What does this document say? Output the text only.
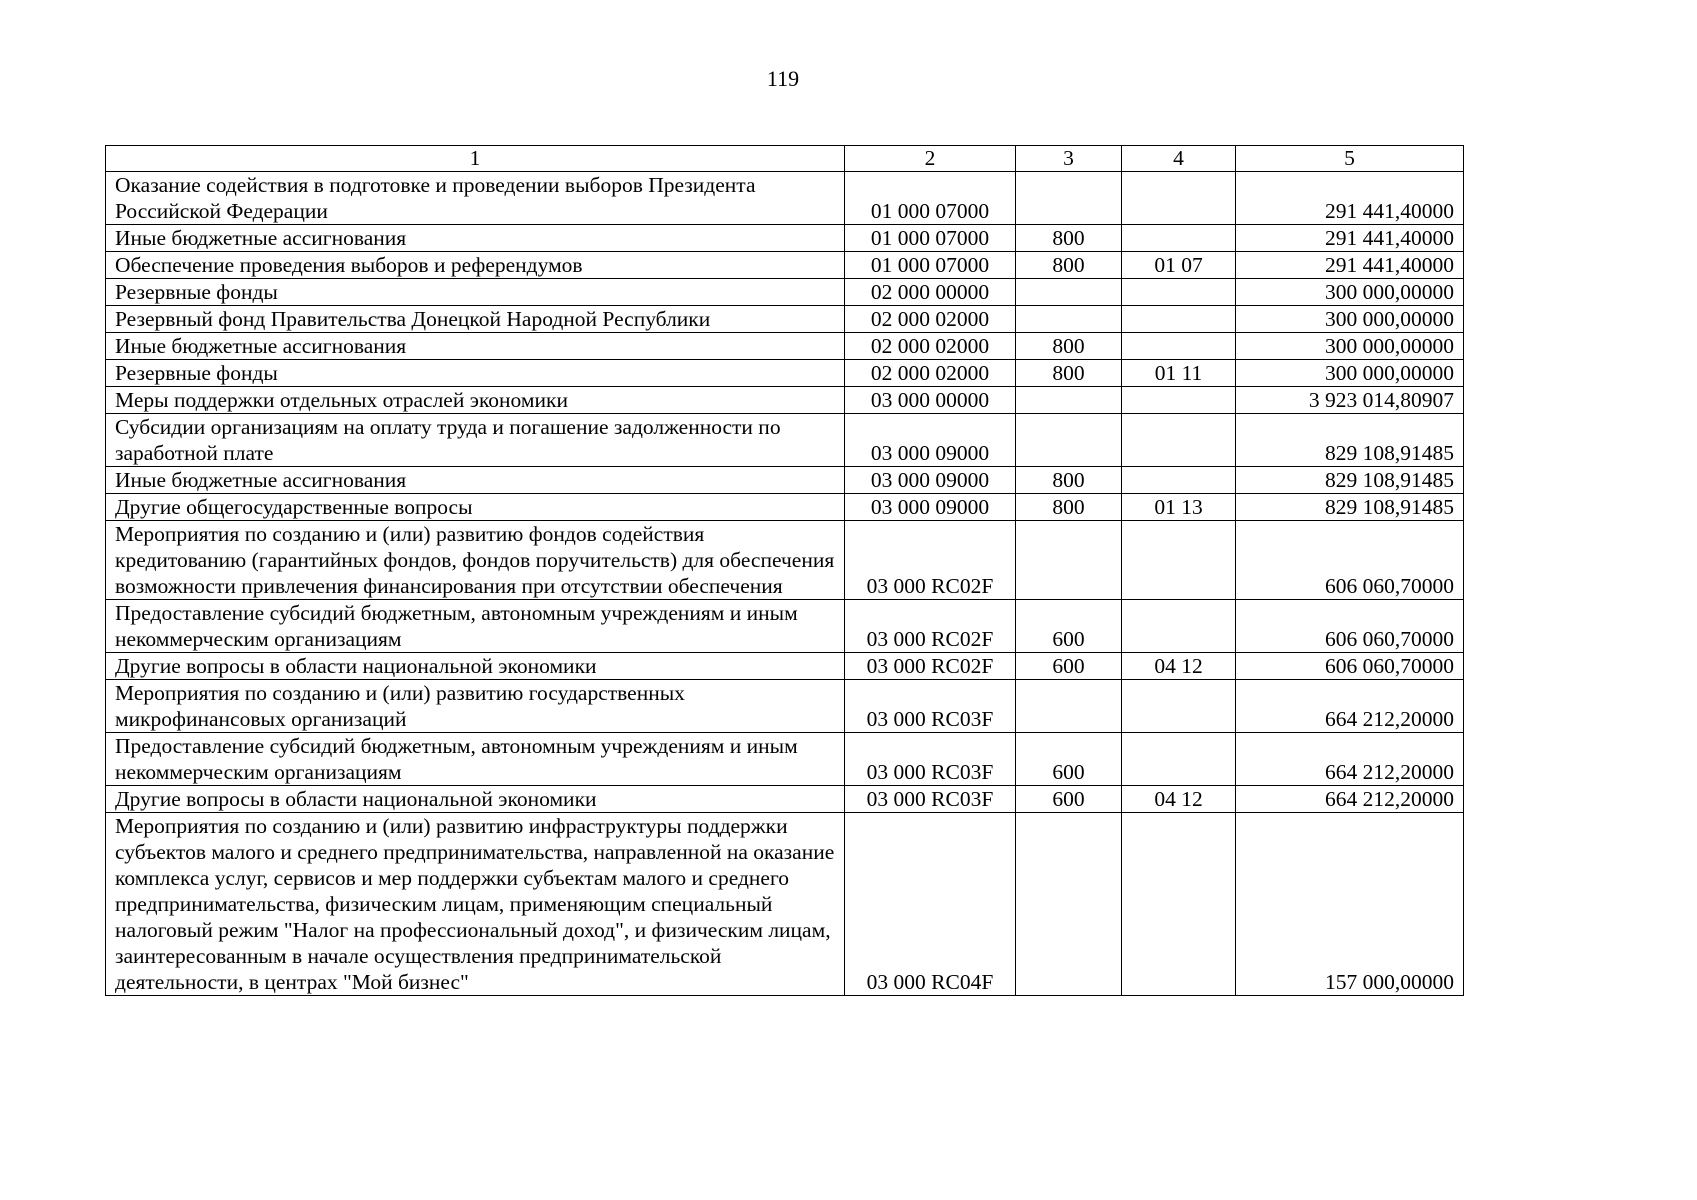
119
1	2	3	4	5
Оказание содействия в подготовке и проведении выборов Президента Российской Федерации	01 000 07000			291 441,40000
Иные бюджетные ассигнования	01 000 07000	800		291 441,40000
Обеспечение проведения выборов и референдумов	01 000 07000	800	01 07	291 441,40000
Резервные фонды	02 000 00000			300 000,00000
Резервный фонд Правительства Донецкой Народной Республики	02 000 02000			300 000,00000
Иные бюджетные ассигнования	02 000 02000	800		300 000,00000
Резервные фонды	02 000 02000	800	01 11	300 000,00000
Меры поддержки отдельных отраслей экономики	03 000 00000			3 923 014,80907
Субсидии организациям на оплату труда и погашение задолженности по заработной плате	03 000 09000			829 108,91485
Иные бюджетные ассигнования	03 000 09000	800		829 108,91485
Другие общегосударственные вопросы	03 000 09000	800	01 13	829 108,91485
Мероприятия по созданию и (или) развитию фондов содействия кредитованию (гарантийных фондов, фондов поручительств) для обеспечения возможности привлечения финансирования при отсутствии обеспечения	03 000 RC02F			606 060,70000
Предоставление субсидий бюджетным, автономным учреждениям и иным некоммерческим организациям	03 000 RC02F	600		606 060,70000
Другие вопросы в области национальной экономики	03 000 RC02F	600	04 12	606 060,70000
Мероприятия по созданию и (или) развитию государственных микрофинансовых организаций	03 000 RC03F			664 212,20000
Предоставление субсидий бюджетным, автономным учреждениям и иным некоммерческим организациям	03 000 RC03F	600		664 212,20000
Другие вопросы в области национальной экономики	03 000 RC03F	600	04 12	664 212,20000
Мероприятия по созданию и (или) развитию инфраструктуры поддержки субъектов малого и среднего предпринимательства, направленной на оказание комплекса услуг, сервисов и мер поддержки субъектам малого и среднего предпринимательства, физическим лицам, применяющим специальный налоговый режим "Налог на профессиональный доход", и физическим лицам, заинтересованным в начале осуществления предпринимательской деятельности, в центрах "Мой бизнес"	03 000 RC04F			157 000,00000
